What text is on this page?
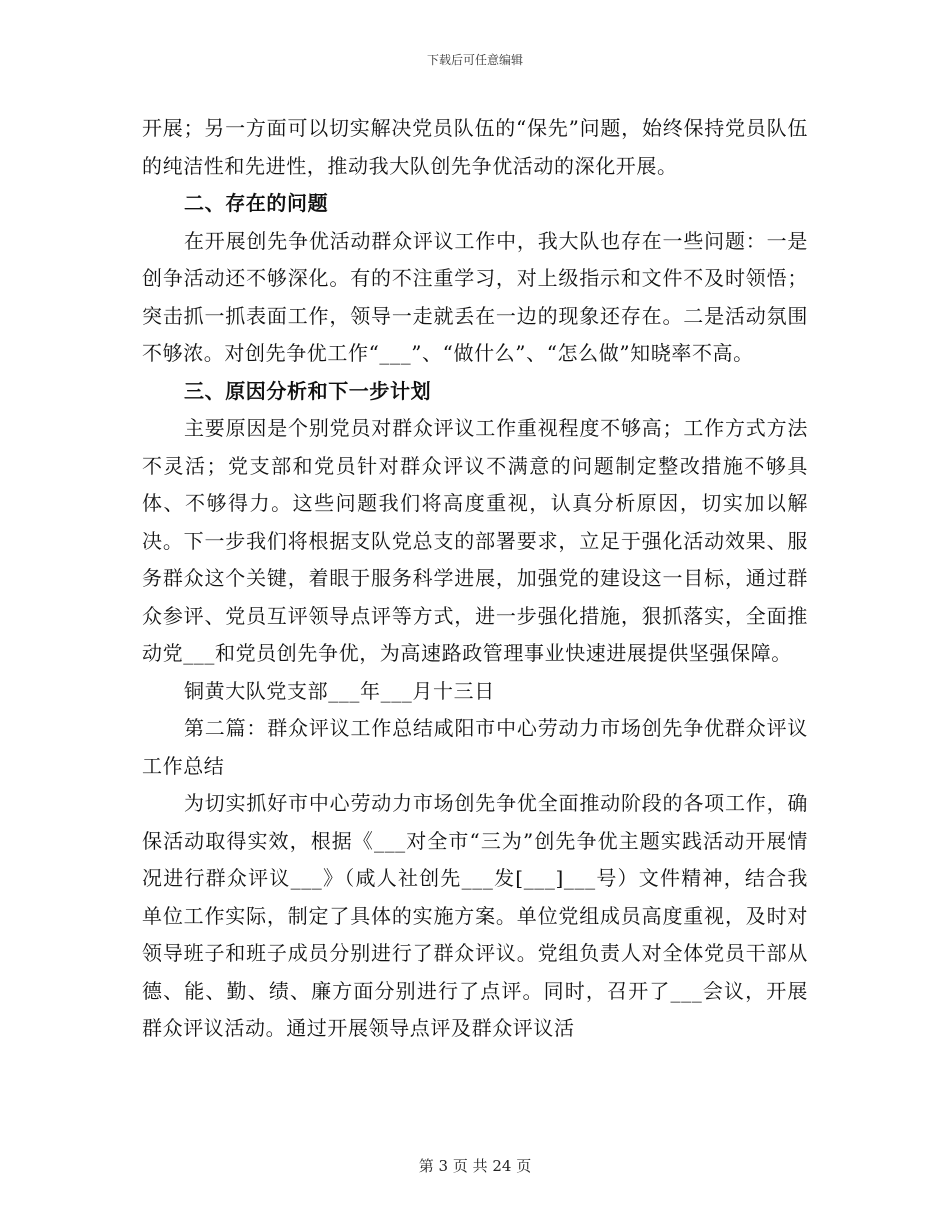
下载后可任意编辑

开展；另一方面可以切实解决党员队伍的“保先”问题，始终保持党员队伍的纯洁性和先进性，推动我大队创先争优活动的深化开展。

二、存在的问题

在开展创先争优活动群众评议工作中，我大队也存在一些问题：一是创争活动还不够深化。有的不注重学习，对上级指示和文件不及时领悟；突击抓一抓表面工作，领导一走就丢在一边的现象还存在。二是活动氛围不够浓。对创先争优工作“___”、“做什么”、“怎么做”知晓率不高。

三、原因分析和下一步计划

主要原因是个别党员对群众评议工作重视程度不够高；工作方式方法不灵活；党支部和党员针对群众评议不满意的问题制定整改措施不够具体、不够得力。这些问题我们将高度重视，认真分析原因，切实加以解决。下一步我们将根据支队党总支的部署要求，立足于强化活动效果、服务群众这个关键，着眼于服务科学进展，加强党的建设这一目标，通过群众参评、党员互评领导点评等方式，进一步强化措施，狠抓落实，全面推动党___和党员创先争优，为高速路政管理事业快速进展提供坚强保障。

铜黄大队党支部___年___月十三日

第二篇：群众评议工作总结咸阳市中心劳动力市场创先争优群众评议工作总结

为切实抓好市中心劳动力市场创先争优全面推动阶段的各项工作，确保活动取得实效，根据《___对全市“三为”创先争优主题实践活动开展情况进行群众评议___》（咸人社创先___发[___]___号）文件精神，结合我单位工作实际，制定了具体的实施方案。单位党组成员高度重视，及时对领导班子和班子成员分别进行了群众评议。党组负责人对全体党员干部从德、能、勤、绩、廉方面分别进行了点评。同时，召开了___会议，开展群众评议活动。通过开展领导点评及群众评议活

第 3 页 共 24 页
